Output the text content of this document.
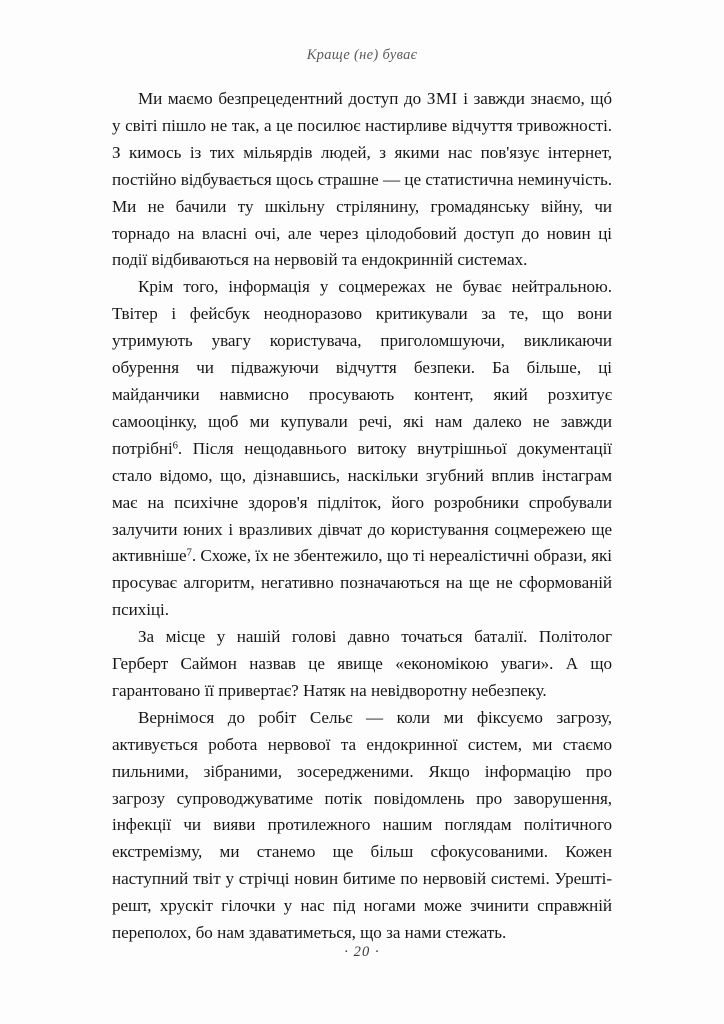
Краще (не) буває

Ми маємо безпрецедентний доступ до ЗМІ і завжди знаємо, щó у світі пішло не так, а це посилює настирливе відчуття тривожності. З кимось із тих мільярдів людей, з якими нас пов'язує інтернет, постійно відбувається щось страшне — це статистична неминучість. Ми не бачили ту шкільну стрілянину, громадянську війну, чи торнадо на власні очі, але через цілодобовий доступ до новин ці події відбиваються на нервовій та ендокринній системах.

Крім того, інформація у соцмережах не буває нейтральною. Твітер і фейсбук неодноразово критикували за те, що вони утримують увагу користувача, приголомшуючи, викликаючи обурення чи підважуючи відчуття безпеки. Ба більше, ці майданчики навмисно просувають контент, який розхитує самооцінку, щоб ми купували речі, які нам далеко не завжди потрібні$^6$. Після нещодавнього витоку внутрішньої документації стало відомо, що, дізнавшись, наскільки згубний вплив інстаграм має на психічне здоров'я підліток, його розробники спробували залучити юних і вразливих дівчат до користування соцмережею ще активніше$^7$. Схоже, їх не збентежило, що ті нереалістичні образи, які просуває алгоритм, негативно позначаються на ще не сформованій психіці.

За місце у нашій голові давно точаться баталії. Політолог Герберт Саймон назвав це явище «економікою уваги». А що гарантовано її привертає? Натяк на невідворотну небезпеку.

Вернімося до робіт Сельє — коли ми фіксуємо загрозу, активується робота нервової та ендокринної систем, ми стаємо пильними, зібраними, зосередженими. Якщо інформацію про загрозу супроводжуватиме потік повідомлень про заворушення, інфекції чи вияви протилежного нашим поглядам політичного екстремізму, ми станемо ще більш сфокусованими. Кожен наступний твіт у стрічці новин битиме по нервовій системі. Урешті-решт, хрускіт гілочки у нас під ногами може зчинити справжній переполох, бо нам здаватиметься, що за нами стежать.

· 20 ·
